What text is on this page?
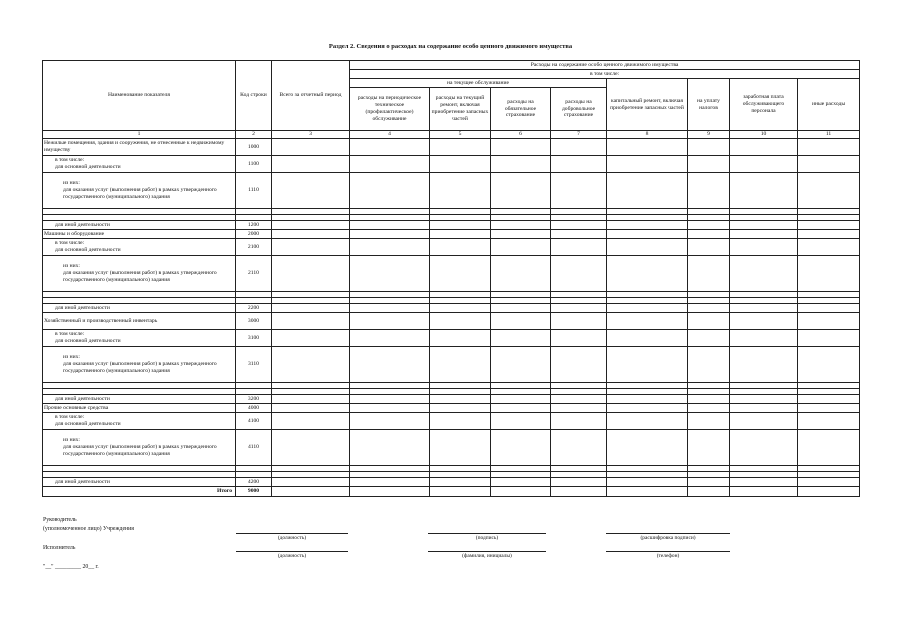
Раздел 2. Сведения о расходах на содержание особо ценного движимого имущества
Наименование показателя	Код строки	Всего за отчетный период	Расходы на содержание особо ценного движимого имущества							
			в том числе:							
			на текущее обслуживание				капитальный ремонт, включая приобретение запасных частей	на уплату налогов	заработная плата обслуживающего персонала	иные расходы
			расходы на периодическое техническое (профилактическое) обслуживание	расходы на текущий ремонт, включая приобретение запасных частей	расходы на обязательное страхование	расходы на добровольное страхование				
1	2	3	4	5	6	7	8	9	10	11
Нежилые помещения, здания и сооружения, не отнесенные к недвижимому имуществу	1000									
в том числе:
для основной деятельности	1100									
из них:
для оказания услуг (выполнения работ) в рамках утвержденного государственного (муниципального) задания	1110									

для иной деятельности	1200									
Машины и оборудование	2000									
в том числе:
для основной деятельности	2100									
из них:
для оказания услуг (выполнения работ) в рамках утвержденного государственного (муниципального) задания	2110									

для иной деятельности	2200									
Хозяйственный и производственный инвентарь	3000									
в том числе:
для основной деятельности	3100									
из них:
для оказания услуг (выполнения работ) в рамках утвержденного государственного (муниципального) задания	3110									

для иной деятельности	3200									
Прочие основные средства	4000									
в том числе:
для основной деятельности	4100									
из них:
для оказания услуг (выполнения работ) в рамках утвержденного государственного (муниципального) задания	4110									

для иной деятельности	4200									
Итого	9000									
Руководитель
(уполномоченное лицо) Учреждения
(должность)	(подпись)	(расшифровка подписи)
Исполнитель
(должность)	(фамилия, инициалы)	(телефон)
"__" _________ 20__ г.
